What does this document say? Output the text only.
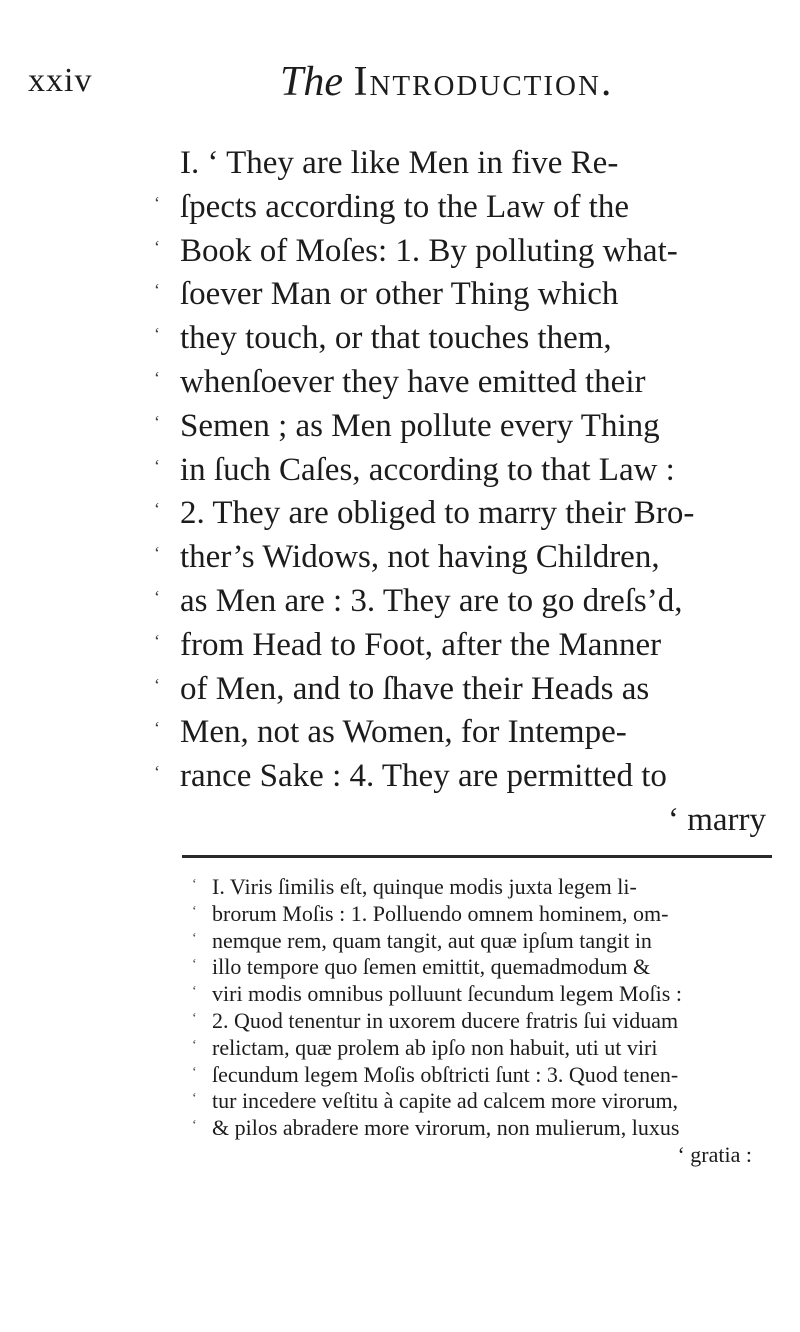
xxiv	The Introduction.
I. ‘ They are like Men in five Re-
‘ ſpects according to the Law of the
‘ Book of Moſes: 1. By polluting what-
‘ ſoever Man or other Thing which
‘ they touch, or that touches them,
‘ whenſoever they have emitted their
‘ Semen ; as Men pollute every Thing
‘ in ſuch Caſes, according to that Law :
‘ 2. They are obliged to marry their Bro-
‘ ther’s Widows, not having Children,
‘ as Men are : 3. They are to go dreſs’d,
‘ from Head to Foot, after the Manner
‘ of Men, and to ſhave their Heads as
‘ Men, not as Women, for Intempe-
‘ rance Sake : 4. They are permitted to
‘ marry
‘ I. Viris ſimilis eſt, quinque modis juxta legem li-
‘ brorum Moſis : 1. Polluendo omnem hominem, om-
‘ nemque rem, quam tangit, aut quæ ipſum tangit in
‘ illo tempore quo ſemen emittit, quemadmodum &
‘ viri modis omnibus polluunt ſecundum legem Moſis :
‘ 2. Quod tenentur in uxorem ducere fratris ſui viduam
‘ relictam, quæ prolem ab ipſo non habuit, uti ut viri
‘ ſecundum legem Moſis obſtricti ſunt : 3. Quod tenen-
‘ tur incedere veſtitu à capite ad calcem more virorum,
‘ & pilos abradere more virorum, non mulierum, luxus
‘ gratia :
